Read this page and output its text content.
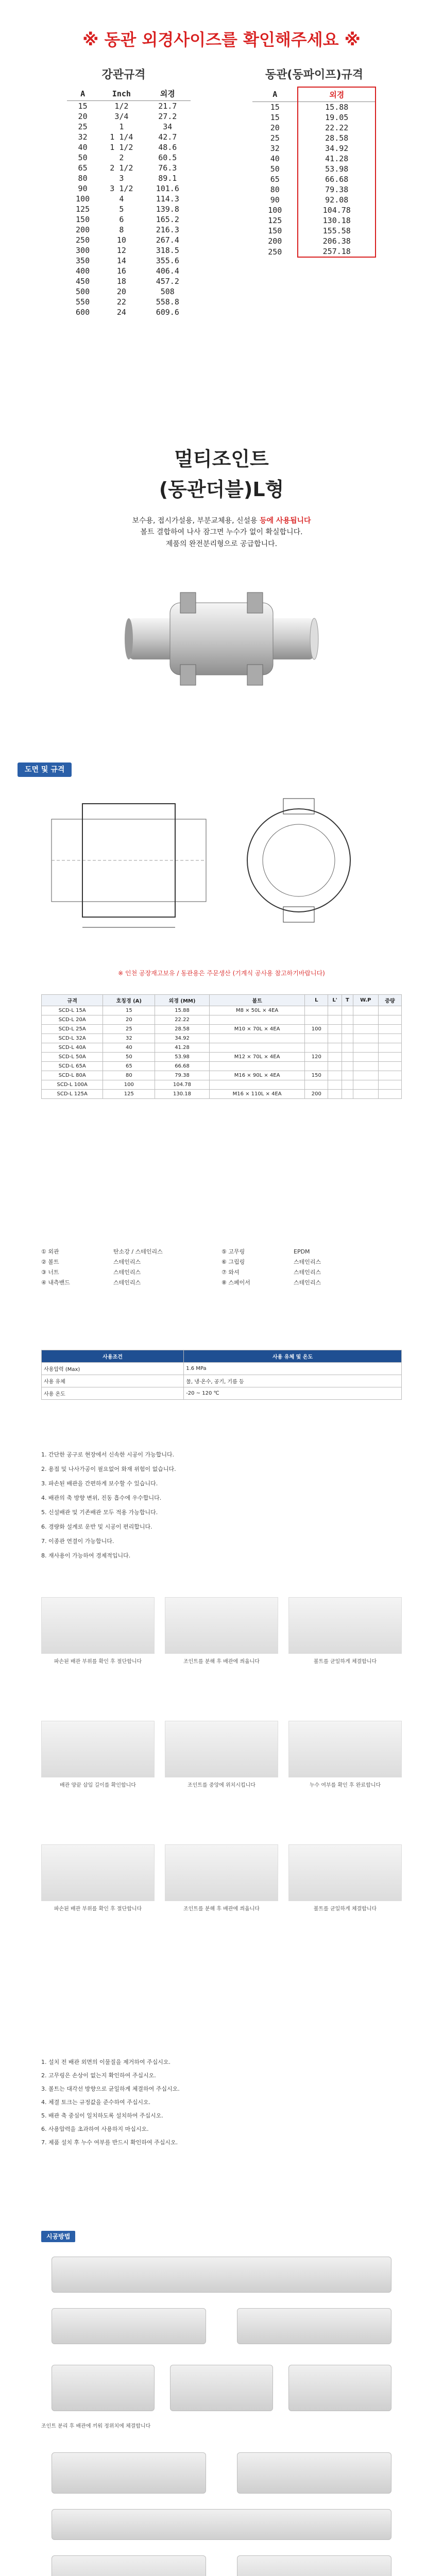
※ 동관 외경사이즈를 확인해주세요 ※
강관규격	동관(동파이프)규격
A	Inch	외경
15	1/2	21.7
20	3/4	27.2
25	1	34
32	1 1/4	42.7
40	1 1/2	48.6
50	2	60.5
65	2 1/2	76.3
80	3	89.1
90	3 1/2	101.6
100	4	114.3
125	5	139.8
150	6	165.2
200	8	216.3
250	10	267.4
300	12	318.5
350	14	355.6
400	16	406.4
450	18	457.2
500	20	508
550	22	558.8
600	24	609.6
A	외경
15	15.88
15	19.05
20	22.22
25	28.58
32	34.92
40	41.28
50	53.98
65	66.68
80	79.38
90	92.08
100	104.78
125	130.18
150	155.58
200	206.38
250	257.18
멀티조인트
(동관더블)L형
보수용, 접시가설용, 부분교체용, 신설용 등에 사용됩니다
볼트 결합하여 나사 잠그면 누수가 없이 확실합니다.
제품의 완전분리형으로 공급합니다.
도면 및 규격
※ 인천 공장재고보유 / 동관용은 주문생산 (기계식 공사용 참고하기바랍니다)
규격	호칭경 (A)	외경 (MM)	볼트	L	L'	T	W.P	중량
SCD-L 15A	15	15.88	M8 × 50L × 4EA					
SCD-L 20A	20	22.22						
SCD-L 25A	25	28.58	M10 × 70L × 4EA	100				
SCD-L 32A	32	34.92						
SCD-L 40A	40	41.28						
SCD-L 50A	50	53.98	M12 × 70L × 4EA	120				
SCD-L 65A	65	66.68						
SCD-L 80A	80	79.38	M16 × 90L × 4EA	150				
SCD-L 100A	100	104.78						
SCD-L 125A	125	130.18	M16 × 110L × 4EA	200				
① 외관	탄소강 / 스테인리스	⑤ 고무링	EPDM
② 볼트	스테인리스	⑥ 그립링	스테인리스
③ 너트	스테인리스	⑦ 와셔	스테인리스
④ 내측밴드	스테인리스	⑧ 스페이서	스테인리스
사용조건	사용 유체 및 온도
사용압력 (Max)	1.6 MPa
사용 유체	물, 냉·온수, 공기, 기름 등
사용 온도	-20 ~ 120 ℃
1. 간단한 공구로 현장에서 신속한 시공이 가능합니다.
2. 용접 및 나사가공이 필요없어 화재 위험이 없습니다.
3. 파손된 배관을 간편하게 보수할 수 있습니다.
4. 배관의 축 방향 변위, 진동 흡수에 우수합니다.
5. 신설배관 및 기존배관 모두 적용 가능합니다.
6. 경량화 설계로 운반 및 시공이 편리합니다.
7. 이종관 연결이 가능합니다.
8. 재사용이 가능하여 경제적입니다.
파손된 배관 부위를 확인 후 절단합니다	조인트를 분해 후 배관에 씌웁니다	볼트를 균일하게 체결합니다
배관 양끝 삽입 길이를 확인합니다	조인트를 중앙에 위치시킵니다	누수 여부를 확인 후 완료합니다
파손된 배관 부위를 확인 후 절단합니다	조인트를 분해 후 배관에 씌웁니다	볼트를 균일하게 체결합니다
1. 설치 전 배관 외면의 이물질을 제거하여 주십시오.
2. 고무링은 손상이 없는지 확인하여 주십시오.
3. 볼트는 대각선 방향으로 균일하게 체결하여 주십시오.
4. 체결 토크는 규정값을 준수하여 주십시오.
5. 배관 축 중심이 일치하도록 설치하여 주십시오.
6. 사용압력을 초과하여 사용하지 마십시오.
7. 제품 설치 후 누수 여부를 반드시 확인하여 주십시오.
시공방법
조인트 분리 후 배관에 끼워 정위치에 체결합니다
